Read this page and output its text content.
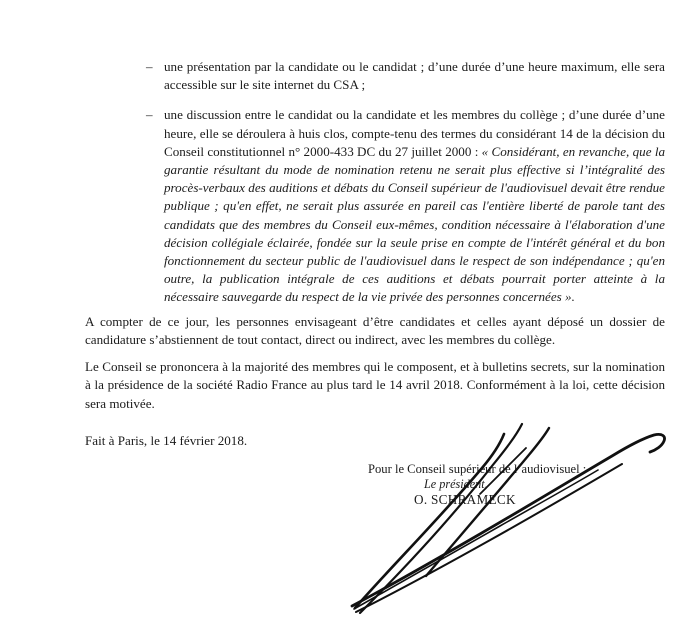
– une présentation par la candidate ou le candidat ; d’une durée d’une heure maximum, elle sera accessible sur le site internet du CSA ;
– une discussion entre le candidat ou la candidate et les membres du collège ; d’une durée d’une heure, elle se déroulera à huis clos, compte-tenu des termes du considérant 14 de la décision du Conseil constitutionnel n° 2000-433 DC du 27 juillet 2000 : « Considérant, en revanche, que la garantie résultant du mode de nomination retenu ne serait plus effective si l’intégralité des procès-verbaux des auditions et débats du Conseil supérieur de l'audiovisuel devait être rendue publique ; qu'en effet, ne serait plus assurée en pareil cas l'entière liberté de parole tant des candidats que des membres du Conseil eux-mêmes, condition nécessaire à l'élaboration d'une décision collégiale éclairée, fondée sur la seule prise en compte de l'intérêt général et du bon fonctionnement du secteur public de l'audiovisuel dans le respect de son indépendance ; qu'en outre, la publication intégrale de ces auditions et débats pourrait porter atteinte à la nécessaire sauvegarde du respect de la vie privée des personnes concernées ».
A compter de ce jour, les personnes envisageant d’être candidates et celles ayant déposé un dossier de candidature s’abstiennent de tout contact, direct ou indirect, avec les membres du collège.
Le Conseil se prononcera à la majorité des membres qui le composent, et à bulletins secrets, sur la nomination à la présidence de la société Radio France au plus tard le 14 avril 2018. Conformément à la loi, cette décision sera motivée.
Fait à Paris, le 14 février 2018.
Pour le Conseil supérieur de l’audiovisuel :
Le président,
O. SCHRAMECK
